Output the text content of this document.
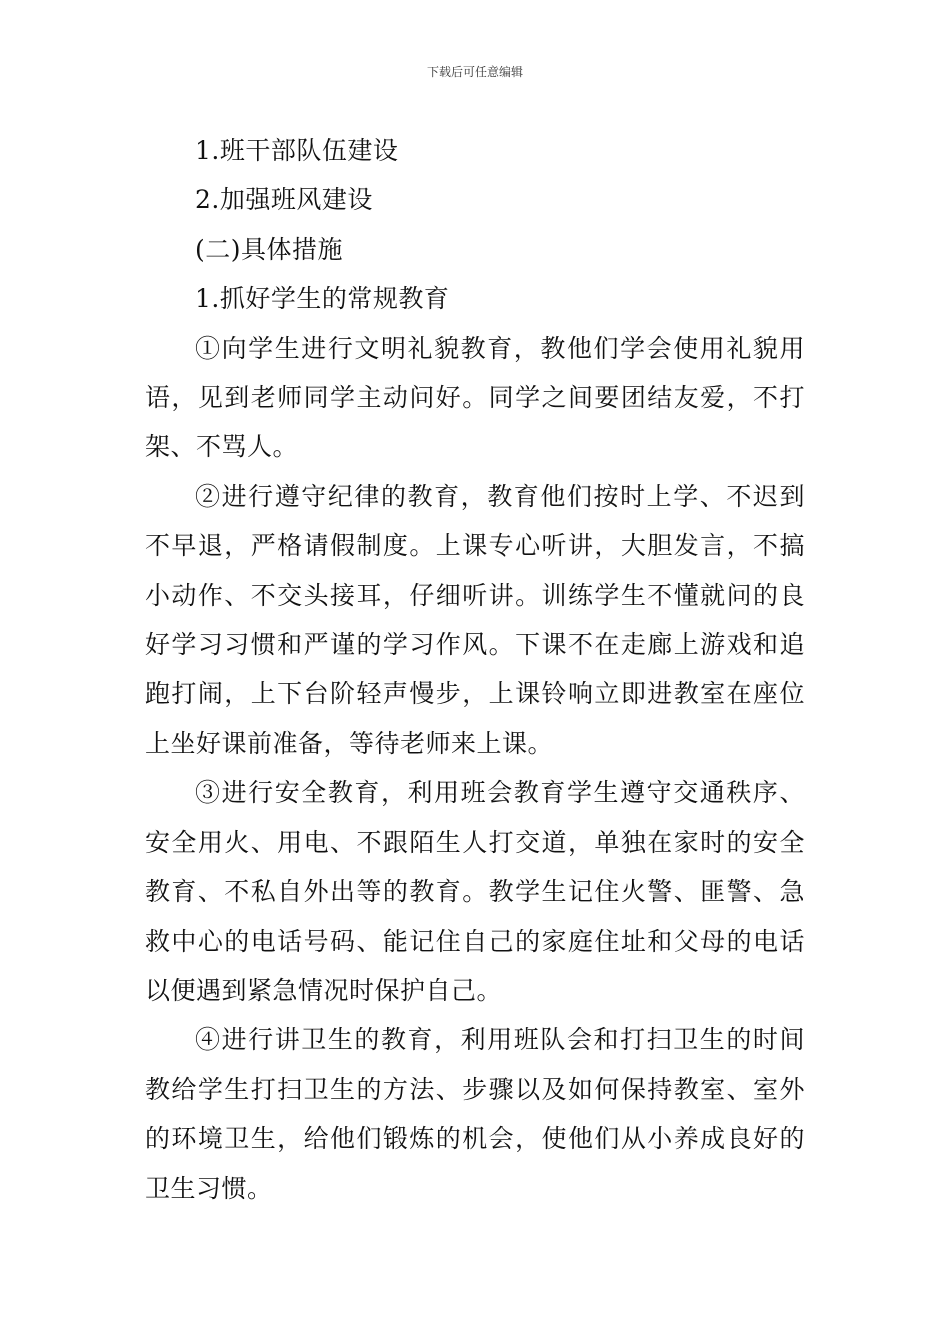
下载后可任意编辑

1.班干部队伍建设

2.加强班风建设

(二)具体措施

1.抓好学生的常规教育

①向学生进行文明礼貌教育，教他们学会使用礼貌用语，见到老师同学主动问好。同学之间要团结友爱，不打架、不骂人。

②进行遵守纪律的教育，教育他们按时上学、不迟到不早退，严格请假制度。上课专心听讲，大胆发言，不搞小动作、不交头接耳，仔细听讲。训练学生不懂就问的良好学习习惯和严谨的学习作风。下课不在走廊上游戏和追跑打闹，上下台阶轻声慢步，上课铃响立即进教室在座位上坐好课前准备，等待老师来上课。

③进行安全教育，利用班会教育学生遵守交通秩序、安全用火、用电、不跟陌生人打交道，单独在家时的安全教育、不私自外出等的教育。教学生记住火警、匪警、急救中心的电话号码、能记住自己的家庭住址和父母的电话以便遇到紧急情况时保护自己。

④进行讲卫生的教育，利用班队会和打扫卫生的时间教给学生打扫卫生的方法、步骤以及如何保持教室、室外的环境卫生，给他们锻炼的机会，使他们从小养成良好的卫生习惯。
